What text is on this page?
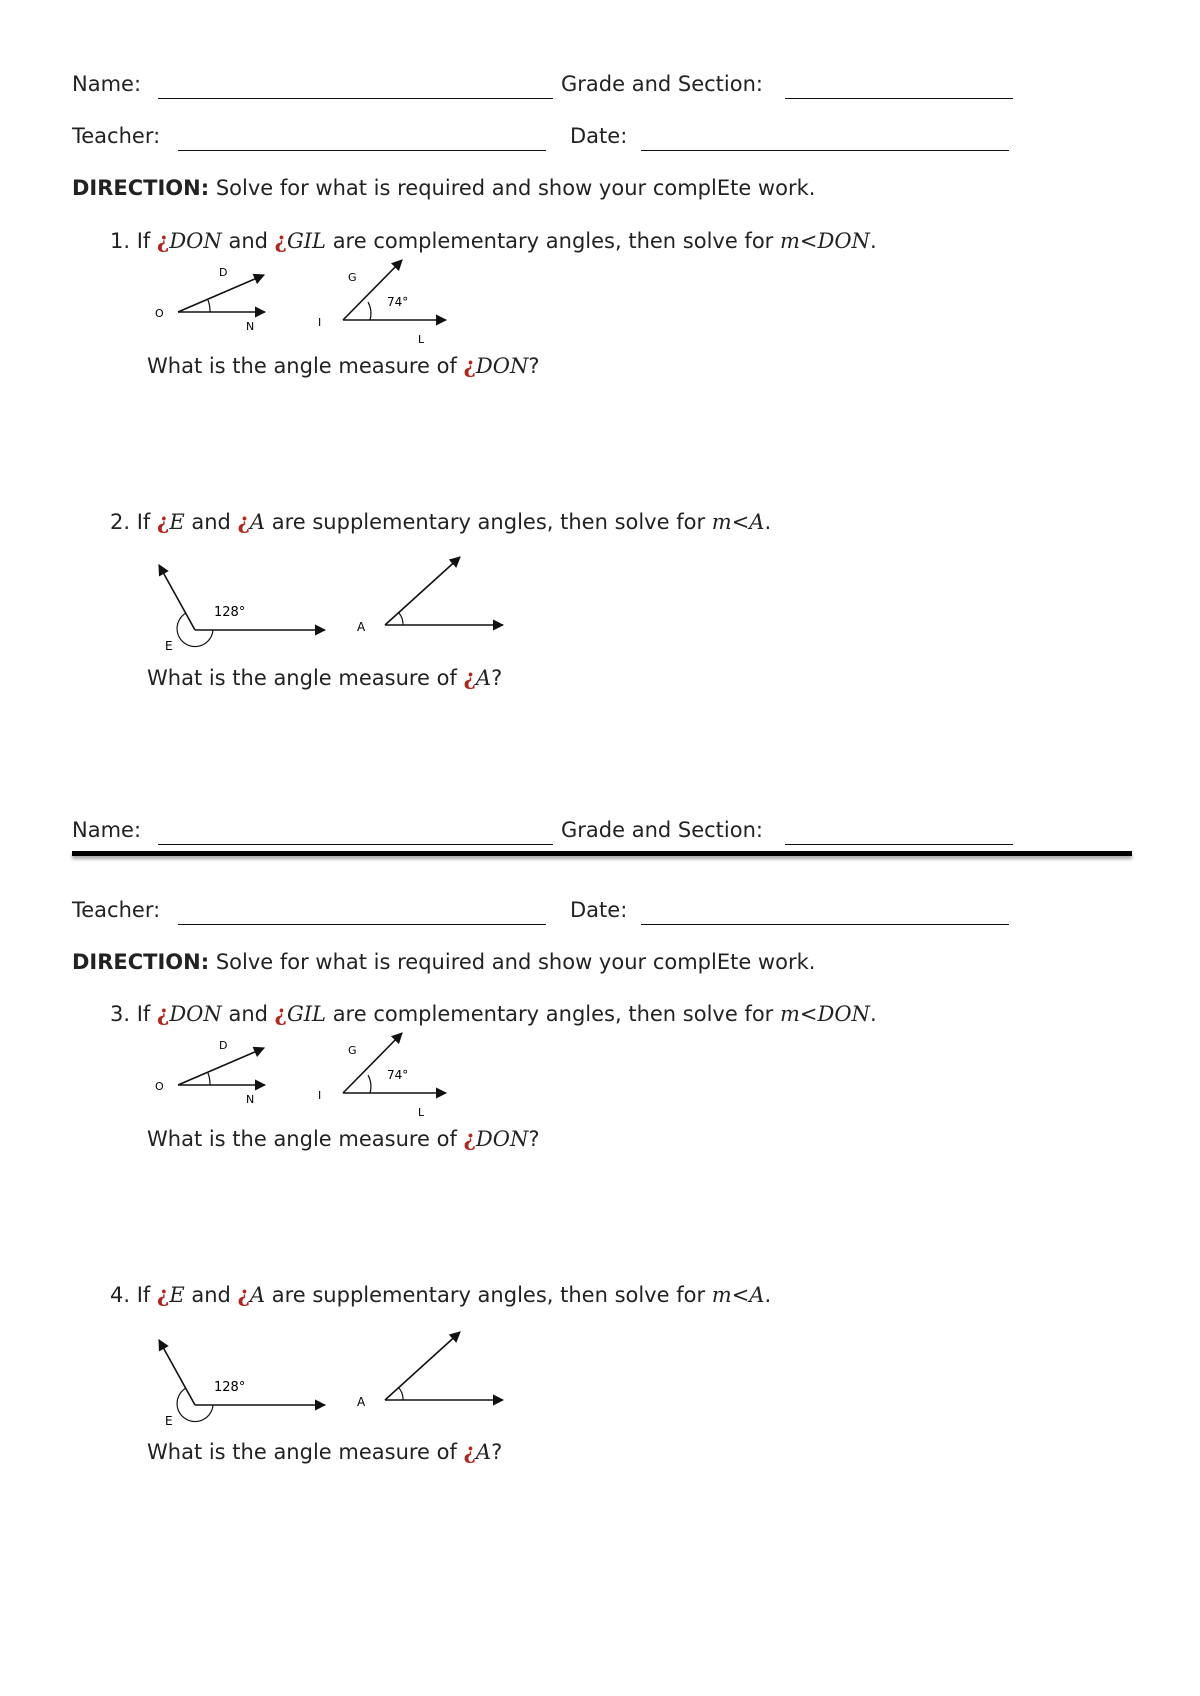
Name:	Grade and Section:
Teacher:	Date:
DIRECTION: Solve for what is required and show your complEte work.
1. If ¿DON and ¿GIL are complementary angles, then solve for m<DON.
D
O
N
G
I
L
74°
What is the angle measure of ¿DON?
2. If ¿E and ¿A are supplementary angles, then solve for m<A.
128°
E
A
What is the angle measure of ¿A?
Name:	Grade and Section:
Teacher:	Date:
DIRECTION: Solve for what is required and show your complEte work.
3. If ¿DON and ¿GIL are complementary angles, then solve for m<DON.
D
O
N
G
I
L
74°
What is the angle measure of ¿DON?
4. If ¿E and ¿A are supplementary angles, then solve for m<A.
128°
E
A
What is the angle measure of ¿A?
